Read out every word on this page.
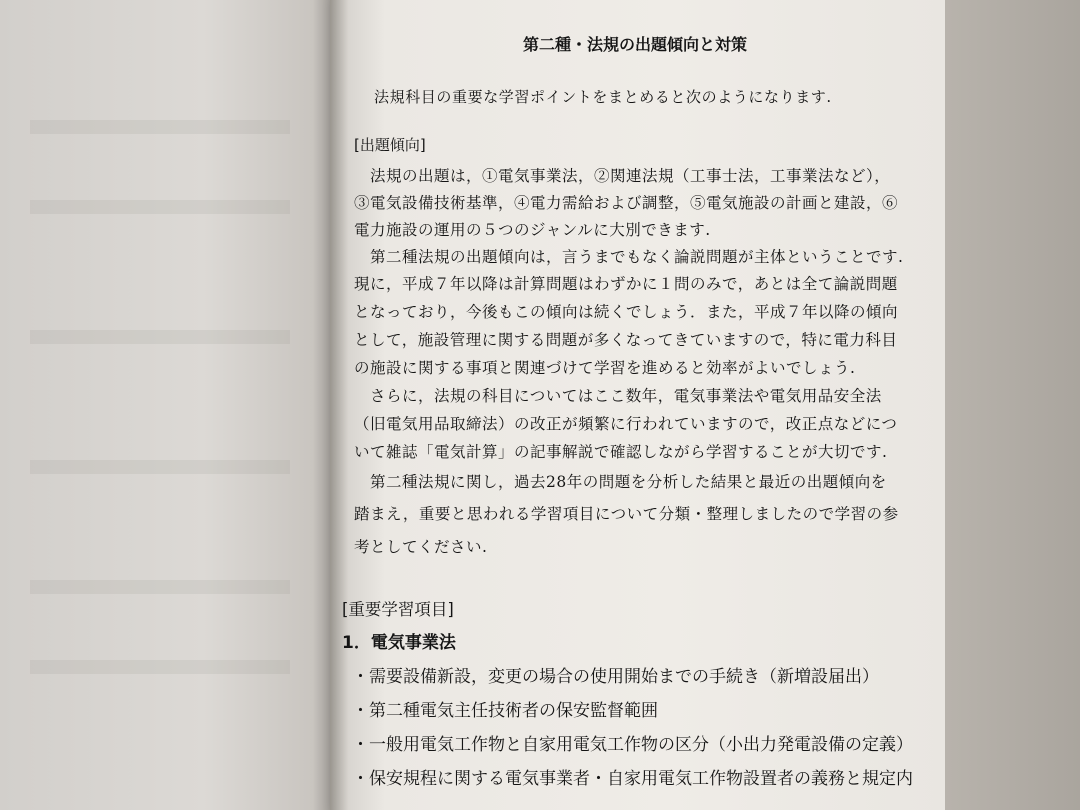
第二種・法規の出題傾向と対策
法規科目の重要な学習ポイントをまとめると次のようになります.
[出題傾向]
　法規の出題は，①電気事業法，②関連法規（工事士法，工事業法など），
③電気設備技術基準，④電力需給および調整，⑤電気施設の計画と建設，⑥
電力施設の運用の５つのジャンルに大別できます.
　第二種法規の出題傾向は，言うまでもなく論説問題が主体ということです.
現に，平成７年以降は計算問題はわずかに１問のみで，あとは全て論説問題
となっており，今後もこの傾向は続くでしょう．また，平成７年以降の傾向
として，施設管理に関する問題が多くなってきていますので，特に電力科目
の施設に関する事項と関連づけて学習を進めると効率がよいでしょう.
　さらに，法規の科目についてはここ数年，電気事業法や電気用品安全法
（旧電気用品取締法）の改正が頻繁に行われていますので，改正点などにつ
いて雑誌「電気計算」の記事解説で確認しながら学習することが大切です.
　第二種法規に関し，過去28年の問題を分析した結果と最近の出題傾向を
踏まえ，重要と思われる学習項目について分類・整理しましたので学習の参
考としてください.
[重要学習項目]
1．電気事業法
・需要設備新設，変更の場合の使用開始までの手続き（新増設届出）
・第二種電気主任技術者の保安監督範囲
・一般用電気工作物と自家用電気工作物の区分（小出力発電設備の定義）
・保安規程に関する電気事業者・自家用電気工作物設置者の義務と規定内
